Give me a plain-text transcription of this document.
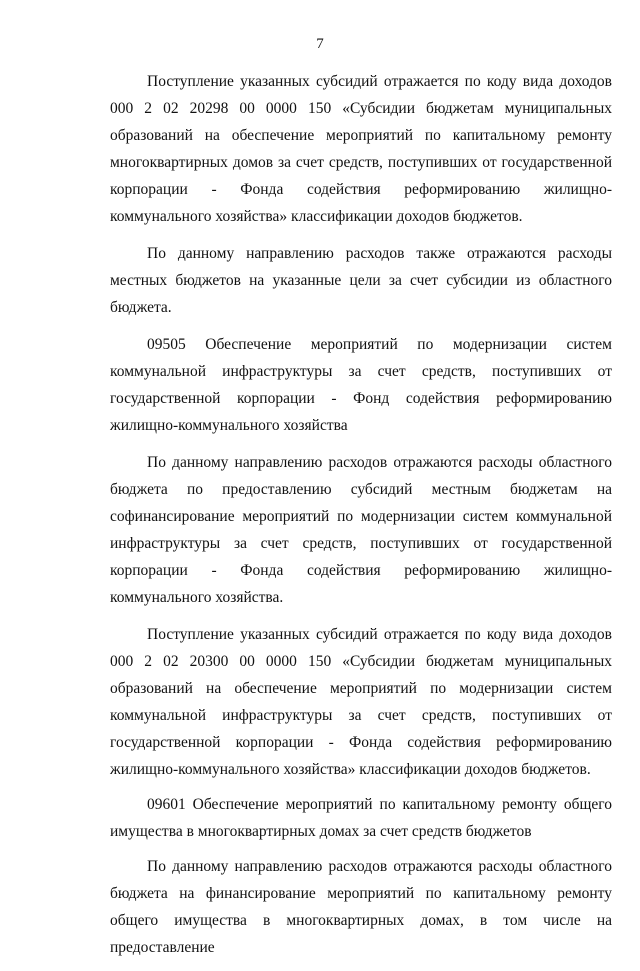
7

Поступление указанных субсидий отражается по коду вида доходов 000 2 02 20298 00 0000 150 «Субсидии бюджетам муниципальных образований на обеспечение мероприятий по капитальному ремонту многоквартирных домов за счет средств, поступивших от государственной корпорации - Фонда содействия реформированию жилищно-коммунального хозяйства» классификации доходов бюджетов.

По данному направлению расходов также отражаются расходы местных бюджетов на указанные цели за счет субсидии из областного бюджета.

09505 Обеспечение мероприятий по модернизации систем коммунальной инфраструктуры за счет средств, поступивших от государственной корпорации - Фонд содействия реформированию жилищно-коммунального хозяйства

По данному направлению расходов отражаются расходы областного бюджета по предоставлению субсидий местным бюджетам на софинансирование мероприятий по модернизации систем коммунальной инфраструктуры за счет средств, поступивших от государственной корпорации - Фонда содействия реформированию жилищно-коммунального хозяйства.

Поступление указанных субсидий отражается по коду вида доходов 000 2 02 20300 00 0000 150 «Субсидии бюджетам муниципальных образований на обеспечение мероприятий по модернизации систем коммунальной инфраструктуры за счет средств, поступивших от государственной корпорации - Фонда содействия реформированию жилищно-коммунального хозяйства» классификации доходов бюджетов.

09601 Обеспечение мероприятий по капитальному ремонту общего имущества в многоквартирных домах за счет средств бюджетов

По данному направлению расходов отражаются расходы областного бюджета на финансирование мероприятий по капитальному ремонту общего имущества в многоквартирных домах, в том числе на предоставление
